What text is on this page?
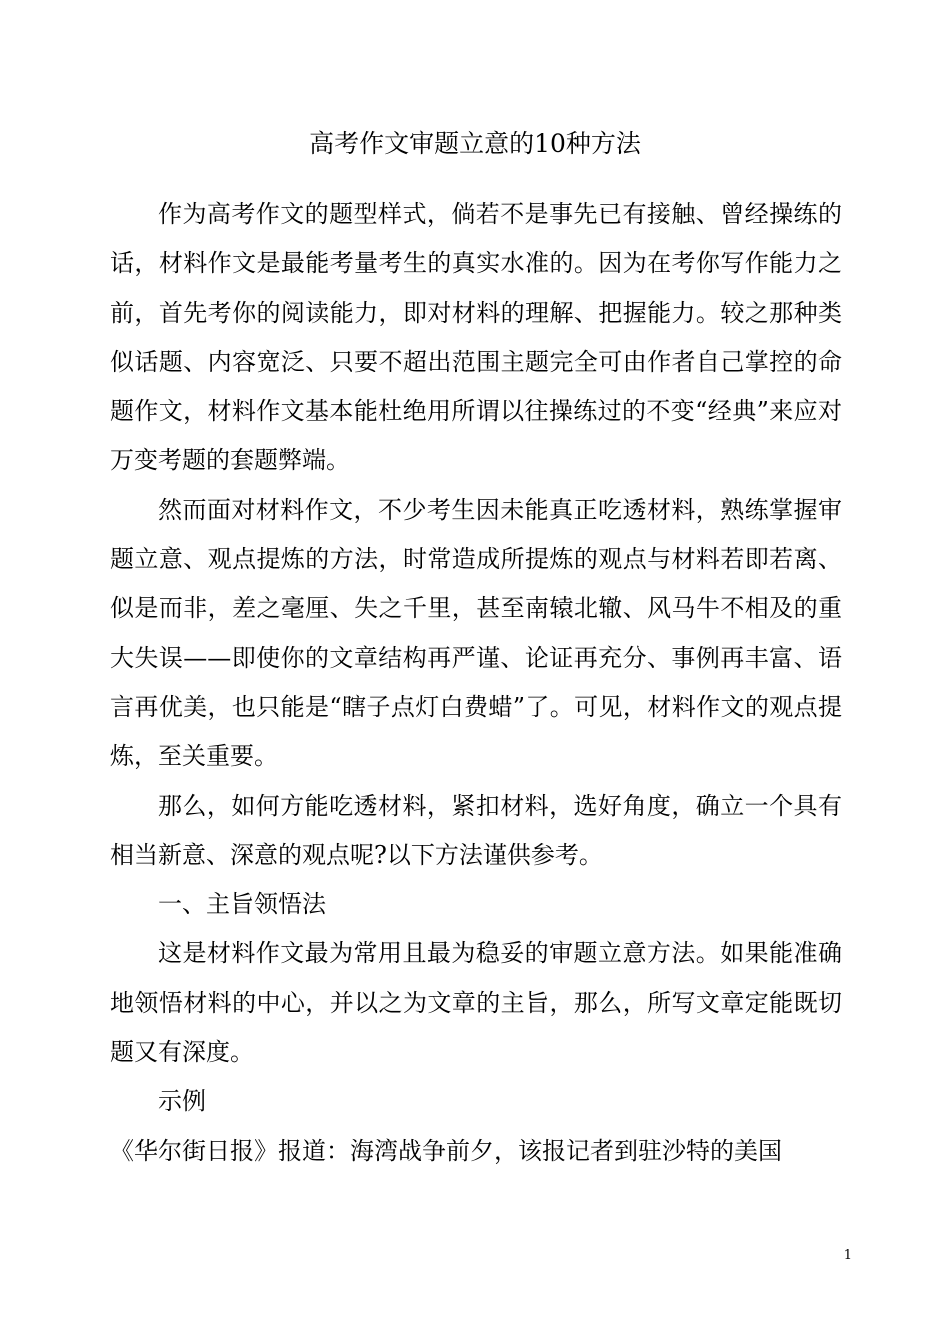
高考作文审题立意的10种方法

作为高考作文的题型样式，倘若不是事先已有接触、曾经操练的话，材料作文是最能考量考生的真实水准的。因为在考你写作能力之前，首先考你的阅读能力，即对材料的理解、把握能力。较之那种类似话题、内容宽泛、只要不超出范围主题完全可由作者自己掌控的命题作文，材料作文基本能杜绝用所谓以往操练过的不变“经典”来应对万变考题的套题弊端。

然而面对材料作文，不少考生因未能真正吃透材料，熟练掌握审题立意、观点提炼的方法，时常造成所提炼的观点与材料若即若离、似是而非，差之毫厘、失之千里，甚至南辕北辙、风马牛不相及的重大失误——即使你的文章结构再严谨、论证再充分、事例再丰富、语言再优美，也只能是“瞎子点灯白费蜡”了。可见，材料作文的观点提炼，至关重要。

那么，如何方能吃透材料，紧扣材料，选好角度，确立一个具有相当新意、深意的观点呢?以下方法谨供参考。

一、主旨领悟法

这是材料作文最为常用且最为稳妥的审题立意方法。如果能准确地领悟材料的中心，并以之为文章的主旨，那么，所写文章定能既切题又有深度。

示例

《华尔街日报》报道：海湾战争前夕，该报记者到驻沙特的美国

1
